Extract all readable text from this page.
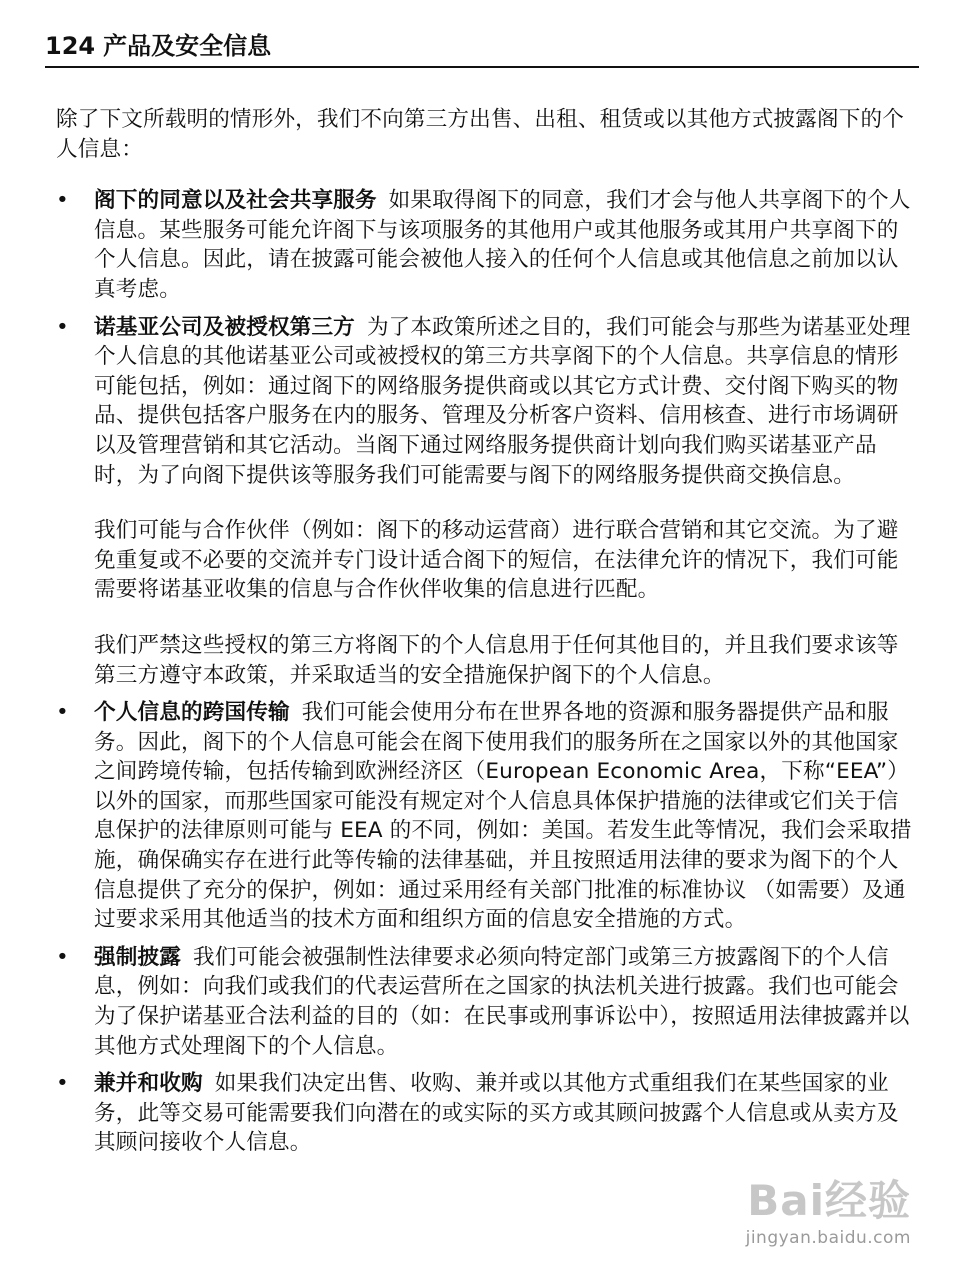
124 产品及安全信息

除了下文所载明的情形外，我们不向第三方出售、出租、租赁或以其他方式披露阁下的个人信息：

•	阁下的同意以及社会共享服务 如果取得阁下的同意，我们才会与他人共享阁下的个人信息。某些服务可能允许阁下与该项服务的其他用户或其他服务或其用户共享阁下的个人信息。因此，请在披露可能会被他人接入的任何个人信息或其他信息之前加以认真考虑。
•	诺基亚公司及被授权第三方 为了本政策所述之目的，我们可能会与那些为诺基亚处理个人信息的其他诺基亚公司或被授权的第三方共享阁下的个人信息。共享信息的情形可能包括，例如：通过阁下的网络服务提供商或以其它方式计费、交付阁下购买的物品、提供包括客户服务在内的服务、管理及分析客户资料、信用核查、进行市场调研以及管理营销和其它活动。当阁下通过网络服务提供商计划向我们购买诺基亚产品时，为了向阁下提供该等服务我们可能需要与阁下的网络服务提供商交换信息。
我们可能与合作伙伴（例如：阁下的移动运营商）进行联合营销和其它交流。为了避免重复或不必要的交流并专门设计适合阁下的短信，在法律允许的情况下，我们可能需要将诺基亚收集的信息与合作伙伴收集的信息进行匹配。
我们严禁这些授权的第三方将阁下的个人信息用于任何其他目的，并且我们要求该等第三方遵守本政策，并采取适当的安全措施保护阁下的个人信息。
•	个人信息的跨国传输 我们可能会使用分布在世界各地的资源和服务器提供产品和服务。因此，阁下的个人信息可能会在阁下使用我们的服务所在之国家以外的其他国家之间跨境传输，包括传输到欧洲经济区（European Economic Area，下称“EEA”）以外的国家，而那些国家可能没有规定对个人信息具体保护措施的法律或它们关于信息保护的法律原则可能与 EEA 的不同，例如：美国。若发生此等情况，我们会采取措施，确保确实存在进行此等传输的法律基础，并且按照适用法律的要求为阁下的个人信息提供了充分的保护，例如：通过采用经有关部门批准的标准协议 （如需要）及通过要求采用其他适当的技术方面和组织方面的信息安全措施的方式。
•	强制披露 我们可能会被强制性法律要求必须向特定部门或第三方披露阁下的个人信息，例如：向我们或我们的代表运营所在之国家的执法机关进行披露。我们也可能会为了保护诺基亚合法利益的目的（如：在民事或刑事诉讼中），按照适用法律披露并以其他方式处理阁下的个人信息。
•	兼并和收购 如果我们决定出售、收购、兼并或以其他方式重组我们在某些国家的业务，此等交易可能需要我们向潜在的或实际的买方或其顾问披露个人信息或从卖方及其顾问接收个人信息。
Bai经验
jingyan.baidu.com
